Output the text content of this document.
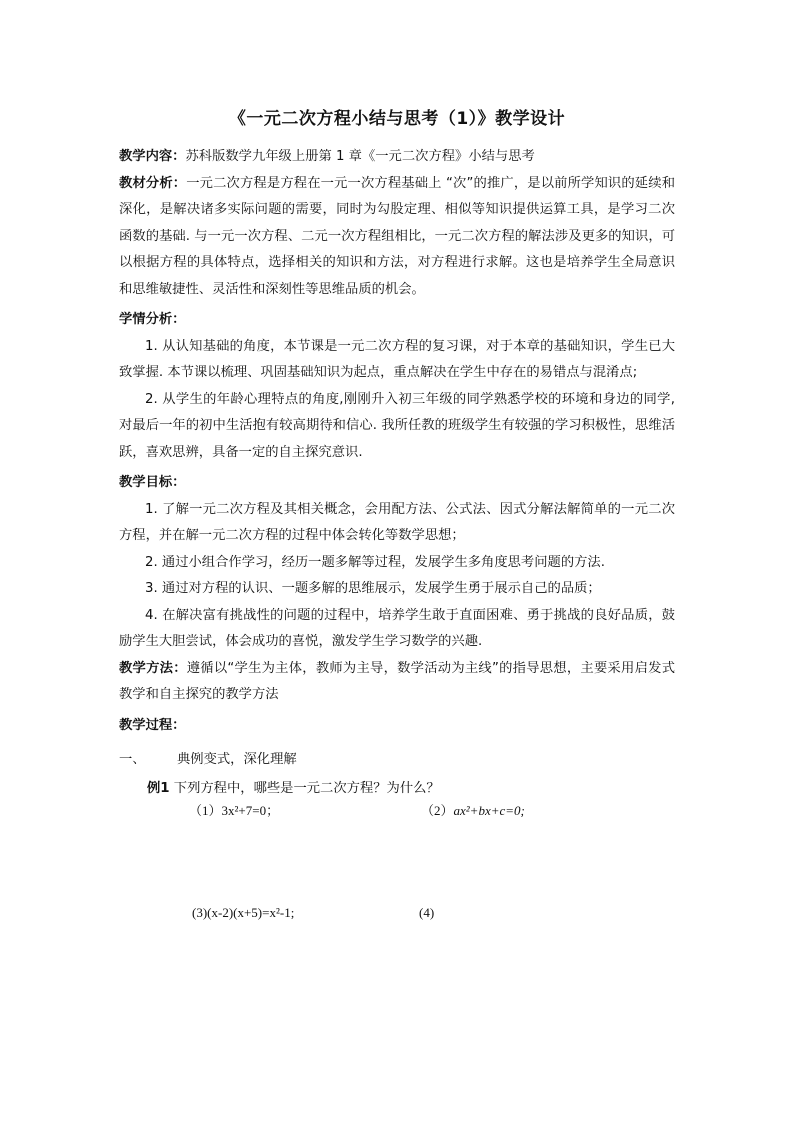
《一元二次方程小结与思考（1）》教学设计

教学内容：苏科版数学九年级上册第 1 章《一元二次方程》小结与思考

教材分析：一元二次方程是方程在一元一次方程基础上 “次”的推广，是以前所学知识的延续和深化，是解决诸多实际问题的需要，同时为勾股定理、相似等知识提供运算工具，是学习二次函数的基础. 与一元一次方程、二元一次方程组相比，一元二次方程的解法涉及更多的知识，可以根据方程的具体特点，选择相关的知识和方法，对方程进行求解。这也是培养学生全局意识和思维敏捷性、灵活性和深刻性等思维品质的机会。

学情分析：

1. 从认知基础的角度，本节课是一元二次方程的复习课，对于本章的基础知识，学生已大致掌握. 本节课以梳理、巩固基础知识为起点，重点解决在学生中存在的易错点与混淆点;

2. 从学生的年龄心理特点的角度,刚刚升入初三年级的同学熟悉学校的环境和身边的同学,对最后一年的初中生活抱有较高期待和信心. 我所任教的班级学生有较强的学习积极性，思维活跃，喜欢思辨，具备一定的自主探究意识.

教学目标：

1. 了解一元二次方程及其相关概念，会用配方法、公式法、因式分解法解简单的一元二次方程，并在解一元二次方程的过程中体会转化等数学思想；

2. 通过小组合作学习，经历一题多解等过程，发展学生多角度思考问题的方法.

3. 通过对方程的认识、一题多解的思维展示，发展学生勇于展示自己的品质；

4. 在解决富有挑战性的问题的过程中，培养学生敢于直面困难、勇于挑战的良好品质，鼓励学生大胆尝试，体会成功的喜悦，激发学生学习数学的兴趣.

教学方法：遵循以“学生为主体，教师为主导，数学活动为主线”的指导思想，主要采用启发式教学和自主探究的教学方法

教学过程：

一、 典例变式，深化理解

例1 下列方程中，哪些是一元二次方程？为什么？

（1）3x²+7=0；	（2）ax²+bx+c=0;
(3)(x-2)(x+5)=x²-1;	(4)
